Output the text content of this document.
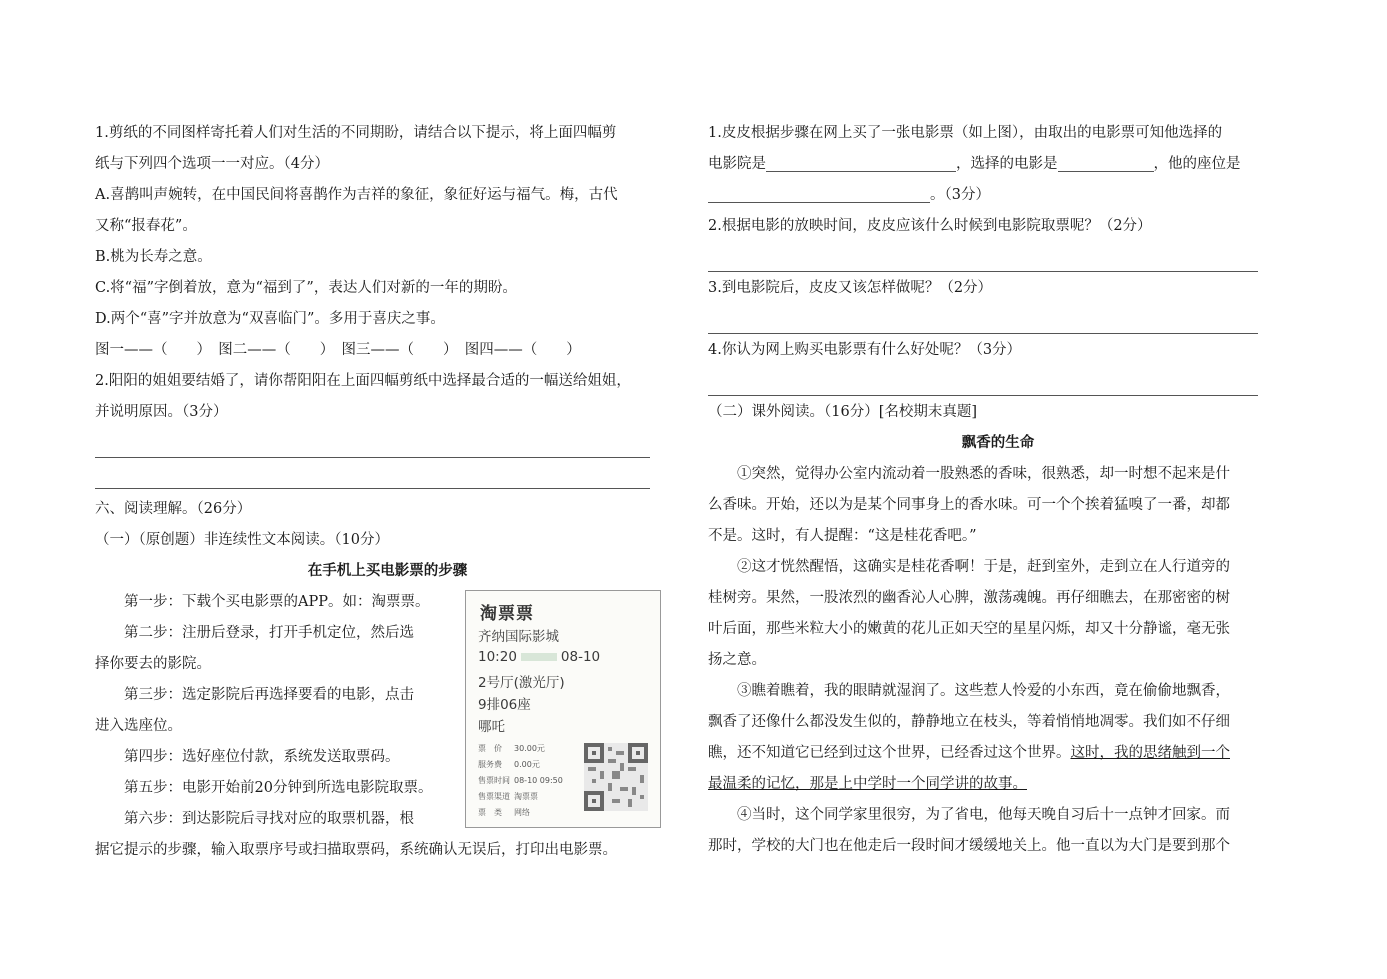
1.剪纸的不同图样寄托着人们对生活的不同期盼，请结合以下提示，将上面四幅剪
纸与下列四个选项一一对应。（4分）
A.喜鹊叫声婉转，在中国民间将喜鹊作为吉祥的象征，象征好运与福气。梅，古代
又称“报春花”。
B.桃为长寿之意。
C.将“福”字倒着放，意为“福到了”，表达人们对新的一年的期盼。
D.两个“喜”字并放意为“双喜临门”。多用于喜庆之事。
图一——（　　）　图二——（　　）　图三——（　　）　图四——（　　）
2.阳阳的姐姐要结婚了，请你帮阳阳在上面四幅剪纸中选择最合适的一幅送给姐姐，
并说明原因。（3分）
六、阅读理解。（26分）
（一）（原创题）非连续性文本阅读。（10分）
在手机上买电影票的步骤
第一步：下载个买电影票的APP。如：淘票票。
第二步：注册后登录，打开手机定位，然后选
择你要去的影院。
第三步：选定影院后再选择要看的电影，点击
进入选座位。
第四步：选好座位付款，系统发送取票码。
第五步：电影开始前20分钟到所选电影院取票。
第六步：到达影院后寻找对应的取票机器，根
据它提示的步骤，输入取票序号或扫描取票码，系统确认无误后，打印出电影票。
淘票票
齐纳国际影城
10:20	08-10
2号厅(激光厅)
9排06座
哪吒
票　价 30.00元
服务费 0.00元
售票时间 08-10 09:50
售票渠道 淘票票
票　类 网络
1.皮皮根据步骤在网上买了一张电影票（如上图），由取出的电影票可知他选择的
电影院是	，选择的电影是	，他的座位是
。（3分）
2.根据电影的放映时间，皮皮应该什么时候到电影院取票呢？（2分）
3.到电影院后，皮皮又该怎样做呢？（2分）
4.你认为网上购买电影票有什么好处呢？（3分）
（二）课外阅读。（16分）[名校期末真题]
飘香的生命
①突然，觉得办公室内流动着一股熟悉的香味，很熟悉，却一时想不起来是什
么香味。开始，还以为是某个同事身上的香水味。可一个个挨着猛嗅了一番，却都
不是。这时，有人提醒：“这是桂花香吧。”
②这才恍然醒悟，这确实是桂花香啊！于是，赶到室外，走到立在人行道旁的
桂树旁。果然，一股浓烈的幽香沁人心脾，激荡魂魄。再仔细瞧去，在那密密的树
叶后面，那些米粒大小的嫩黄的花儿正如天空的星星闪烁，却又十分静谧，毫无张
扬之意。
③瞧着瞧着，我的眼睛就湿润了。这些惹人怜爱的小东西，竟在偷偷地飘香，
飘香了还像什么都没发生似的，静静地立在枝头，等着悄悄地凋零。我们如不仔细
瞧，还不知道它已经到过这个世界，已经香过这个世界。这时，我的思绪触到一个
最温柔的记忆，那是上中学时一个同学讲的故事。
④当时，这个同学家里很穷，为了省电，他每天晚自习后十一点钟才回家。而
那时，学校的大门也在他走后一段时间才缓缓地关上。他一直以为大门是要到那个
